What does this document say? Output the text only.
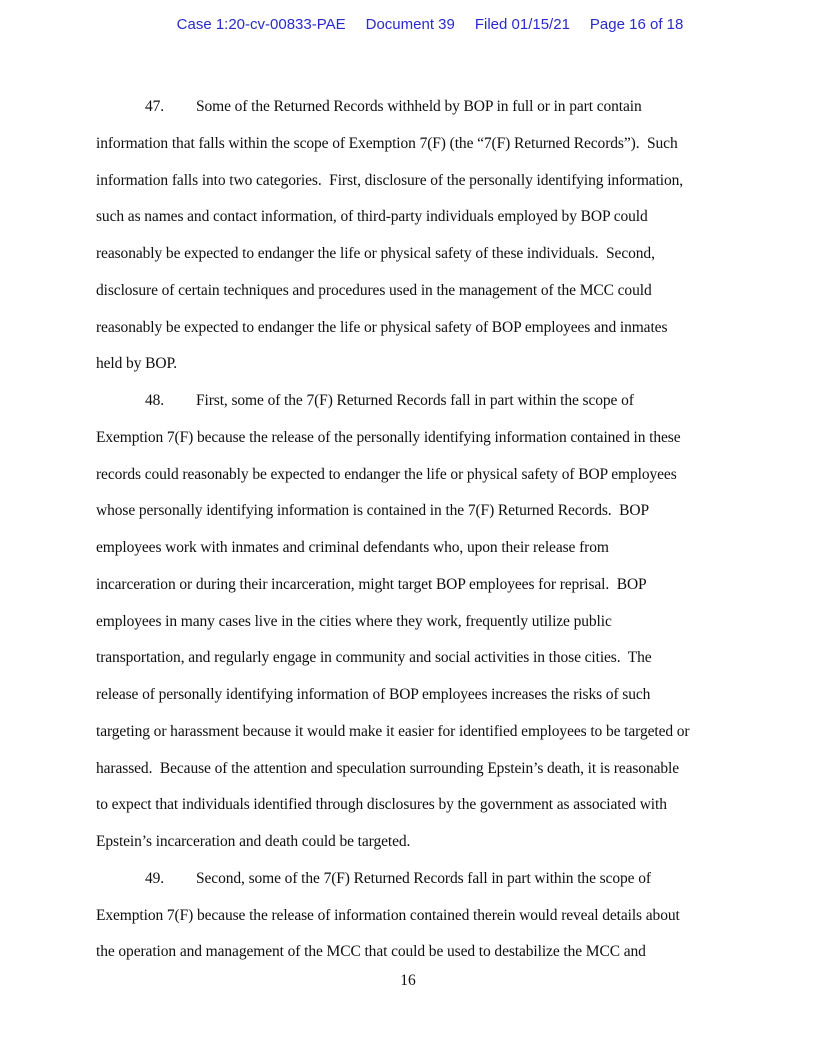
Case 1:20-cv-00833-PAE Document 39 Filed 01/15/21 Page 16 of 18
47. Some of the Returned Records withheld by BOP in full or in part contain
information that falls within the scope of Exemption 7(F) (the “7(F) Returned Records”).  Such
information falls into two categories.  First, disclosure of the personally identifying information,
such as names and contact information, of third-party individuals employed by BOP could
reasonably be expected to endanger the life or physical safety of these individuals.  Second,
disclosure of certain techniques and procedures used in the management of the MCC could
reasonably be expected to endanger the life or physical safety of BOP employees and inmates
held by BOP.
48. First, some of the 7(F) Returned Records fall in part within the scope of
Exemption 7(F) because the release of the personally identifying information contained in these
records could reasonably be expected to endanger the life or physical safety of BOP employees
whose personally identifying information is contained in the 7(F) Returned Records.  BOP
employees work with inmates and criminal defendants who, upon their release from
incarceration or during their incarceration, might target BOP employees for reprisal.  BOP
employees in many cases live in the cities where they work, frequently utilize public
transportation, and regularly engage in community and social activities in those cities.  The
release of personally identifying information of BOP employees increases the risks of such
targeting or harassment because it would make it easier for identified employees to be targeted or
harassed.  Because of the attention and speculation surrounding Epstein’s death, it is reasonable
to expect that individuals identified through disclosures by the government as associated with
Epstein’s incarceration and death could be targeted.
49. Second, some of the 7(F) Returned Records fall in part within the scope of
Exemption 7(F) because the release of information contained therein would reveal details about
the operation and management of the MCC that could be used to destabilize the MCC and
16
